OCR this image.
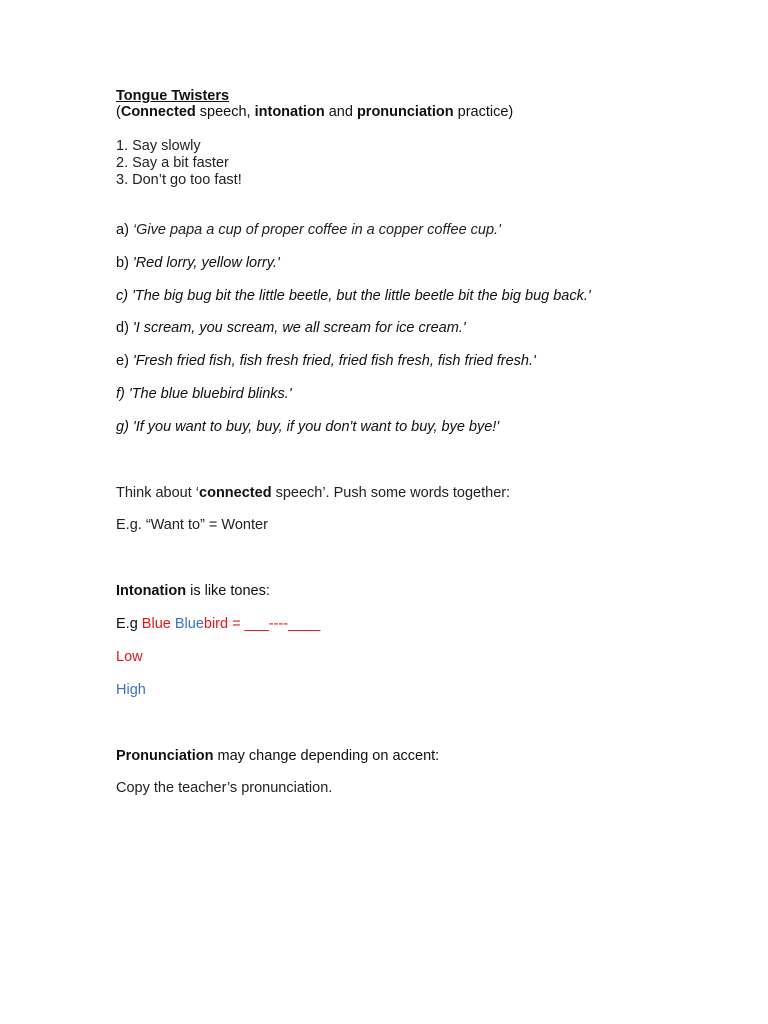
Tongue Twisters
(Connected speech, intonation and pronunciation practice)
1. Say slowly
2. Say a bit faster
3. Don’t go too fast!
a) ‘Give papa a cup of proper coffee in a copper coffee cup.'
b) 'Red lorry, yellow lorry.'
c) 'The big bug bit the little beetle, but the little beetle bit the big bug back.'
d) 'I scream, you scream, we all scream for ice cream.'
e) 'Fresh fried fish, fish fresh fried, fried fish fresh, fish fried fresh.'
f) 'The blue bluebird blinks.'
g) 'If you want to buy, buy, if you don't want to buy, bye bye!'
Think about ‘connected speech’. Push some words together:
E.g. “Want to” = Wonter
Intonation is like tones:
E.g Blue Bluebird = ___----____
Low
High
Pronunciation may change depending on accent:
Copy the teacher’s pronunciation.
